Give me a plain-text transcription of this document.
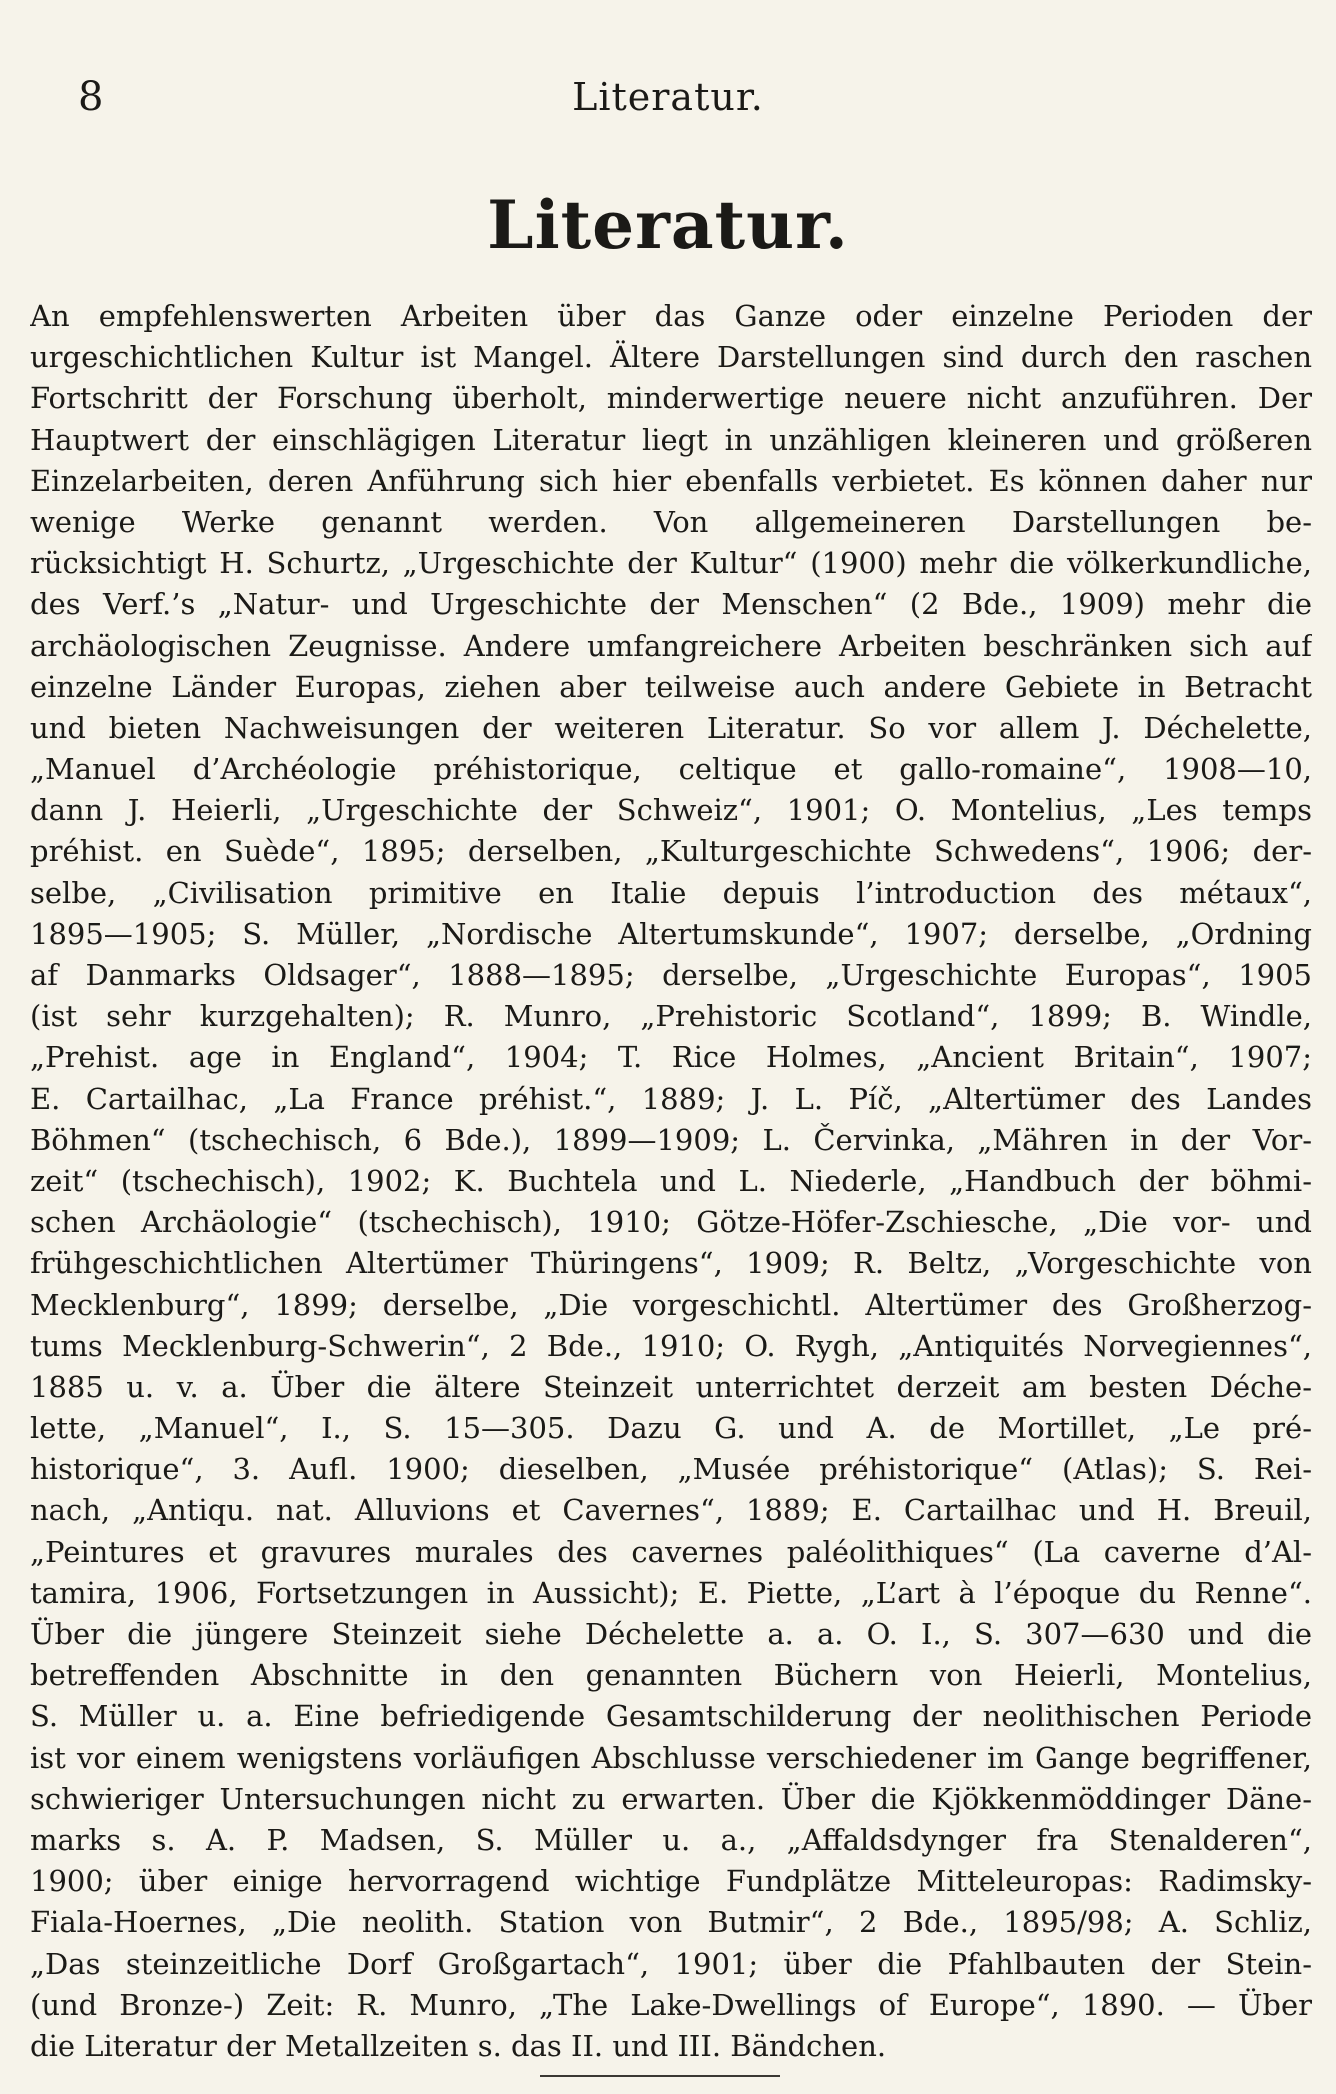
8	Literatur.
Literatur.
An empfehlenswerten Arbeiten über das Ganze oder einzelne Perioden der
urgeschichtlichen Kultur ist Mangel. Ältere Darstellungen sind durch den raschen
Fortschritt der Forschung überholt, minderwertige neuere nicht anzuführen. Der
Hauptwert der einschlägigen Literatur liegt in unzähligen kleineren und größeren
Einzelarbeiten, deren Anführung sich hier ebenfalls verbietet. Es können daher nur
wenige Werke genannt werden. Von allgemeineren Darstellungen be-
rücksichtigt H. Schurtz, „Urgeschichte der Kultur“ (1900) mehr die völkerkundliche,
des Verf.’s „Natur- und Urgeschichte der Menschen“ (2 Bde., 1909) mehr die
archäologischen Zeugnisse. Andere umfangreichere Arbeiten beschränken sich auf
einzelne Länder Europas, ziehen aber teilweise auch andere Gebiete in Betracht
und bieten Nachweisungen der weiteren Literatur. So vor allem J. Déchelette,
„Manuel d’Archéologie préhistorique, celtique et gallo-romaine“, 1908—10,
dann J. Heierli, „Urgeschichte der Schweiz“, 1901; O. Montelius, „Les temps
préhist. en Suède“, 1895; derselben, „Kulturgeschichte Schwedens“, 1906; der-
selbe, „Civilisation primitive en Italie depuis l’introduction des métaux“,
1895—1905; S. Müller, „Nordische Altertumskunde“, 1907; derselbe, „Ordning
af Danmarks Oldsager“, 1888—1895; derselbe, „Urgeschichte Europas“, 1905
(ist sehr kurzgehalten); R. Munro, „Prehistoric Scotland“, 1899; B. Windle,
„Prehist. age in England“, 1904; T. Rice Holmes, „Ancient Britain“, 1907;
E. Cartailhac, „La France préhist.“, 1889; J. L. Píč, „Altertümer des Landes
Böhmen“ (tschechisch, 6 Bde.), 1899—1909; L. Červinka, „Mähren in der Vor-
zeit“ (tschechisch), 1902; K. Buchtela und L. Niederle, „Handbuch der böhmi-
schen Archäologie“ (tschechisch), 1910; Götze-Höfer-Zschiesche, „Die vor- und
frühgeschichtlichen Altertümer Thüringens“, 1909; R. Beltz, „Vorgeschichte von
Mecklenburg“, 1899; derselbe, „Die vorgeschichtl. Altertümer des Großherzog-
tums Mecklenburg-Schwerin“, 2 Bde., 1910; O. Rygh, „Antiquités Norvegiennes“,
1885 u. v. a. Über die ältere Steinzeit unterrichtet derzeit am besten Déche-
lette, „Manuel“, I., S. 15—305. Dazu G. und A. de Mortillet, „Le pré-
historique“, 3. Aufl. 1900; dieselben, „Musée préhistorique“ (Atlas); S. Rei-
nach, „Antiqu. nat. Alluvions et Cavernes“, 1889; E. Cartailhac und H. Breuil,
„Peintures et gravures murales des cavernes paléolithiques“ (La caverne d’Al-
tamira, 1906, Fortsetzungen in Aussicht); E. Piette, „L’art à l’époque du Renne“.
Über die jüngere Steinzeit siehe Déchelette a. a. O. I., S. 307—630 und die
betreffenden Abschnitte in den genannten Büchern von Heierli, Montelius,
S. Müller u. a. Eine befriedigende Gesamtschilderung der neolithischen Periode
ist vor einem wenigstens vorläufigen Abschlusse verschiedener im Gange begriffener,
schwieriger Untersuchungen nicht zu erwarten. Über die Kjökkenmöddinger Däne-
marks s. A. P. Madsen, S. Müller u. a., „Affaldsdynger fra Stenalderen“,
1900; über einige hervorragend wichtige Fundplätze Mitteleuropas: Radimsky-
Fiala-Hoernes, „Die neolith. Station von Butmir“, 2 Bde., 1895/98; A. Schliz,
„Das steinzeitliche Dorf Großgartach“, 1901; über die Pfahlbauten der Stein-
(und Bronze-) Zeit: R. Munro, „The Lake-Dwellings of Europe“, 1890. — Über
die Literatur der Metallzeiten s. das II. und III. Bändchen.
